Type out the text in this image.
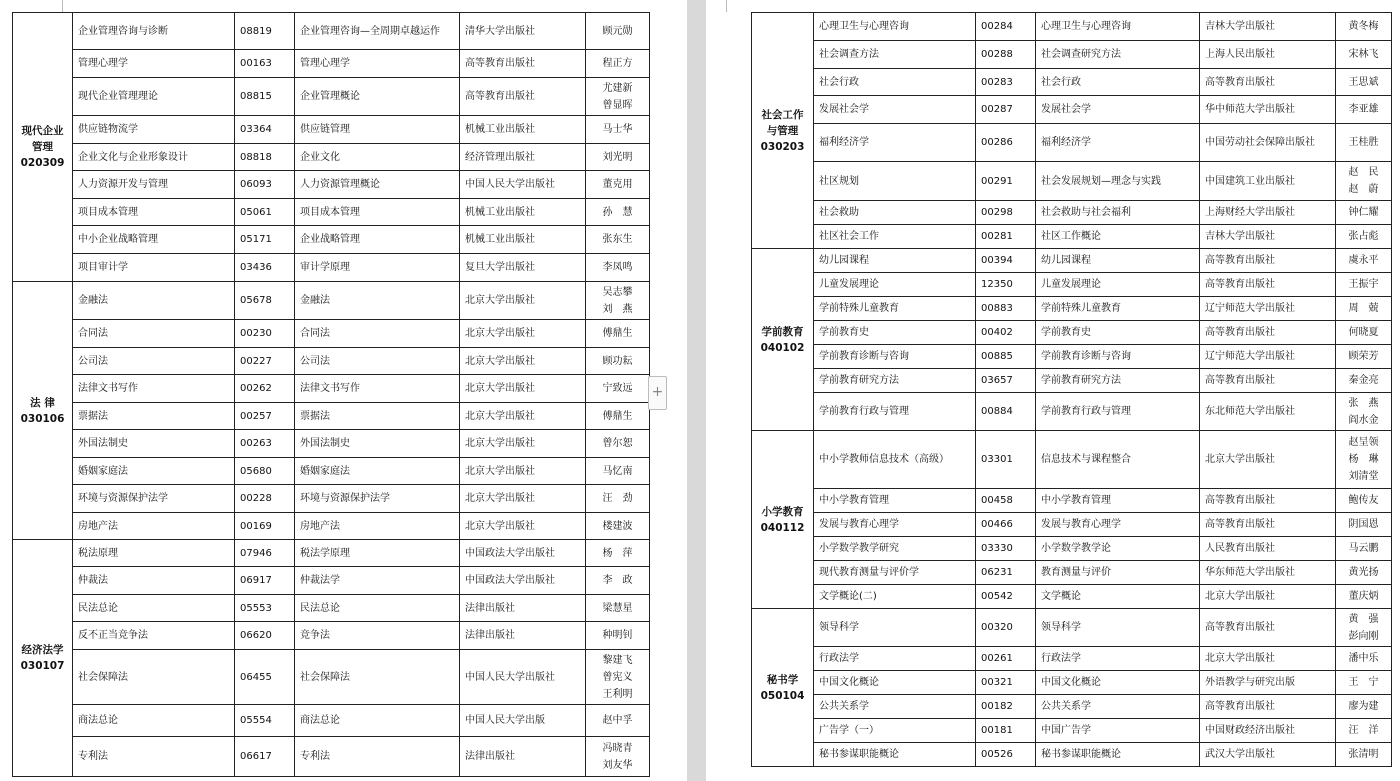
现代企业
管理
020309	企业管理咨询与诊断	08819	企业管理咨询—全周期卓越运作	清华大学出版社	顾元勋

	管理心理学	00163	管理心理学	高等教育出版社	程正方

	现代企业管理理论	08815	企业管理概论	高等教育出版社	尤建新
曾显晖

	供应链物流学	03364	供应链管理	机械工业出版社	马士华

	企业文化与企业形象设计	08818	企业文化	经济管理出版社	刘光明

	人力资源开发与管理	06093	人力资源管理概论	中国人民大学出版社	董克用

	项目成本管理	05061	项目成本管理	机械工业出版社	孙　慧

	中小企业战略管理	05171	企业战略管理	机械工业出版社	张东生

	项目审计学	03436	审计学原理	复旦大学出版社	李凤鸣

法 律
030106	金融法	05678	金融法	北京大学出版社	吴志攀
刘　燕

	合同法	00230	合同法	北京大学出版社	傅鼎生

	公司法	00227	公司法	北京大学出版社	顾功耘

	法律文书写作	00262	法律文书写作	北京大学出版社	宁致远

	票据法	00257	票据法	北京大学出版社	傅鼎生

	外国法制史	00263	外国法制史	北京大学出版社	曾尔恕

	婚姻家庭法	05680	婚姻家庭法	北京大学出版社	马忆南

	环境与资源保护法学	00228	环境与资源保护法学	北京大学出版社	汪　劲

	房地产法	00169	房地产法	北京大学出版社	楼建波

经济法学
030107	税法原理	07946	税法学原理	中国政法大学出版社	杨　萍

	仲裁法	06917	仲裁法学	中国政法大学出版社	李　政

	民法总论	05553	民法总论	法律出版社	梁慧星

	反不正当竞争法	06620	竞争法	法律出版社	种明钊

	社会保障法	06455	社会保障法	中国人民大学出版社	黎建飞
曾宪义
王利明

	商法总论	05554	商法总论	中国人民大学出版	赵中孚

	专利法	06617	专利法	法律出版社	冯晓青
刘友华
+
社会工作
与管理
030203	心理卫生与心理咨询	00284	心理卫生与心理咨询	吉林大学出版社	黄冬梅

	社会调查方法	00288	社会调查研究方法	上海人民出版社	宋林飞

	社会行政	00283	社会行政	高等教育出版社	王思斌

	发展社会学	00287	发展社会学	华中师范大学出版社	李亚雄

	福利经济学	00286	福利经济学	中国劳动社会保障出版社	王桂胜

	社区规划	00291	社会发展规划—理念与实践	中国建筑工业出版社	赵　民
赵　蔚

	社会救助	00298	社会救助与社会福利	上海财经大学出版社	钟仁耀

	社区社会工作	00281	社区工作概论	吉林大学出版社	张占彪

学前教育
040102	幼儿园课程	00394	幼儿园课程	高等教育出版社	虞永平

	儿童发展理论	12350	儿童发展理论	高等教育出版社	王振宇

	学前特殊儿童教育	00883	学前特殊儿童教育	辽宁师范大学出版社	周　兢

	学前教育史	00402	学前教育史	高等教育出版社	何晓夏

	学前教育诊断与咨询	00885	学前教育诊断与咨询	辽宁师范大学出版社	顾荣芳

	学前教育研究方法	03657	学前教育研究方法	高等教育出版社	秦金亮

	学前教育行政与管理	00884	学前教育行政与管理	东北师范大学出版社	张　燕
阎水金

小学教育
040112	中小学教师信息技术（高级）	03301	信息技术与课程整合	北京大学出版社	赵呈领
杨　琳
刘清堂

	中小学教育管理	00458	中小学教育管理	高等教育出版社	鲍传友

	发展与教育心理学	00466	发展与教育心理学	高等教育出版社	阴国恩

	小学数学教学研究	03330	小学数学教学论	人民教育出版社	马云鹏

	现代教育测量与评价学	06231	教育测量与评价	华东师范大学出版社	黄光扬

	文学概论(二)	00542	文学概论	北京大学出版社	董庆炳

秘书学
050104	领导科学	00320	领导科学	高等教育出版社	黄　强
彭向刚

	行政法学	00261	行政法学	北京大学出版社	潘中乐

	中国文化概论	00321	中国文化概论	外语教学与研究出版	王　宁

	公共关系学	00182	公共关系学	高等教育出版社	廖为建

	广告学（一）	00181	中国广告学	中国财政经济出版社	汪　洋

	秘书参谋职能概论	00526	秘书参谋职能概论	武汉大学出版社	张清明
